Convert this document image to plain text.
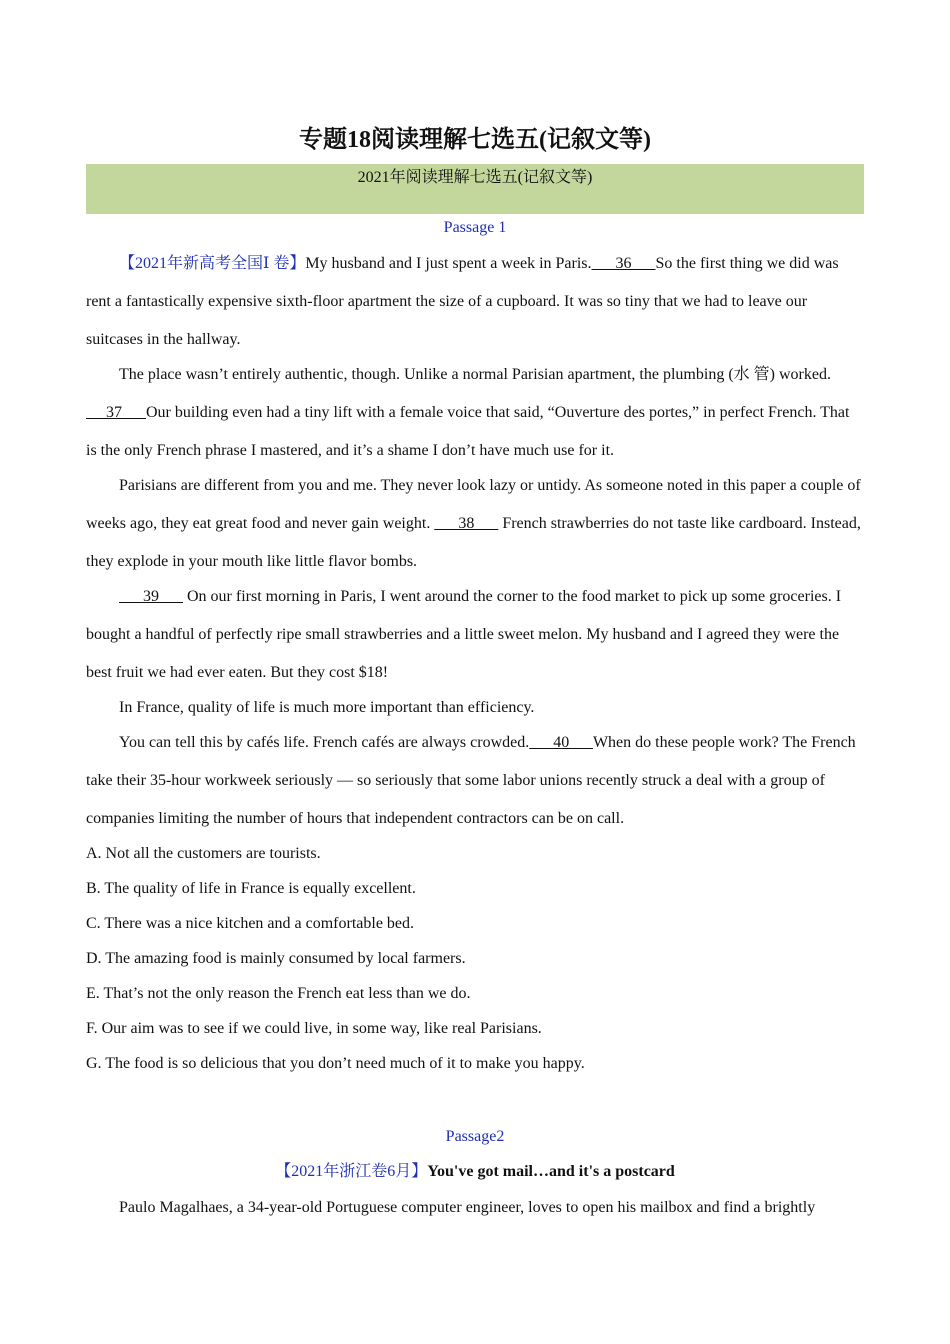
专题18阅读理解七选五(记叙文等)
2021年阅读理解七选五(记叙文等)
Passage 1
【2021年新高考全国Ⅰ 卷】My husband and I just spent a week in Paris.      36      So the first thing we did was rent a fantastically expensive sixth-floor apartment the size of a cupboard. It was so tiny that we had to leave our suitcases in the hallway.
The place wasn’t entirely authentic, though. Unlike a normal Parisian apartment, the plumbing (水 管) worked.      37      Our building even had a tiny lift with a female voice that said, “Ouverture des portes,” in perfect French. That is the only French phrase I mastered, and it’s a shame I don’t have much use for it.
Parisians are different from you and me. They never look lazy or untidy. As someone noted in this paper a couple of weeks ago, they eat great food and never gain weight.       38       French strawberries do not taste like cardboard. Instead, they explode in your mouth like little flavor bombs.
39       On our first morning in Paris, I went around the corner to the food market to pick up some groceries. I bought a handful of perfectly ripe small strawberries and a little sweet melon. My husband and I agreed they were the best fruit we had ever eaten. But they cost $18!
In France, quality of life is much more important than efficiency.
You can tell this by cafés life. French cafés are always crowded.      40      When do these people work? The French take their 35-hour workweek seriously — so seriously that some labor unions recently struck a deal with a group of companies limiting the number of hours that independent contractors can be on call.
A. Not all the customers are tourists.
B. The quality of life in France is equally excellent.
C. There was a nice kitchen and a comfortable bed.
D. The amazing food is mainly consumed by local farmers.
E. That’s not the only reason the French eat less than we do.
F. Our aim was to see if we could live, in some way, like real Parisians.
G. The food is so delicious that you don’t need much of it to make you happy.
Passage2
【2021年浙江卷6月】You've got mail…and it's a postcard
Paulo Magalhaes, a 34-year-old Portuguese computer engineer, loves to open his mailbox and find a brightly
